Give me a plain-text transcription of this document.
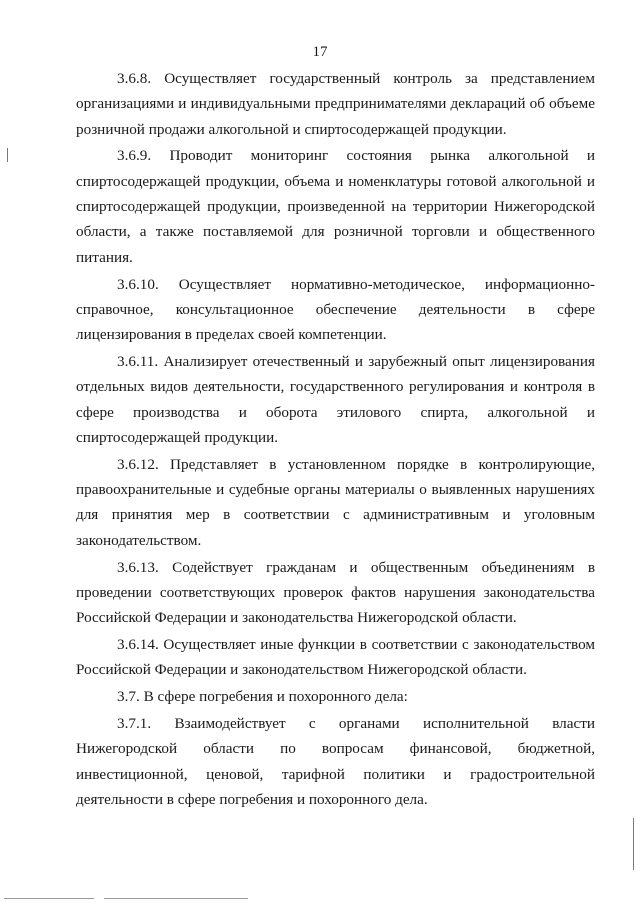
17

3.6.8. Осуществляет государственный контроль за представлением организациями и индивидуальными предпринимателями деклараций об объеме розничной продажи алкогольной и спиртосодержащей продукции.

3.6.9. Проводит мониторинг состояния рынка алкогольной и спиртосодержащей продукции, объема и номенклатуры готовой алкогольной и спиртосодержащей продукции, произведенной на территории Нижегородской области, а также поставляемой для розничной торговли и общественного питания.

3.6.10. Осуществляет нормативно-методическое, информационно-справочное, консультационное обеспечение деятельности в сфере лицензирования в пределах своей компетенции.

3.6.11. Анализирует отечественный и зарубежный опыт лицензирования отдельных видов деятельности, государственного регулирования и контроля в сфере производства и оборота этилового спирта, алкогольной и спиртосодержащей продукции.

3.6.12. Представляет в установленном порядке в контролирующие, правоохранительные и судебные органы материалы о выявленных нарушениях для принятия мер в соответствии с административным и уголовным законодательством.

3.6.13. Содействует гражданам и общественным объединениям в проведении соответствующих проверок фактов нарушения законодательства Российской Федерации и законодательства Нижегородской области.

3.6.14. Осуществляет иные функции в соответствии с законодательством Российской Федерации и законодательством Нижегородской области.

3.7. В сфере погребения и похоронного дела:

3.7.1. Взаимодействует с органами исполнительной власти Нижегородской области по вопросам финансовой, бюджетной, инвестиционной, ценовой, тарифной политики и градостроительной деятельности в сфере погребения и похоронного дела.
